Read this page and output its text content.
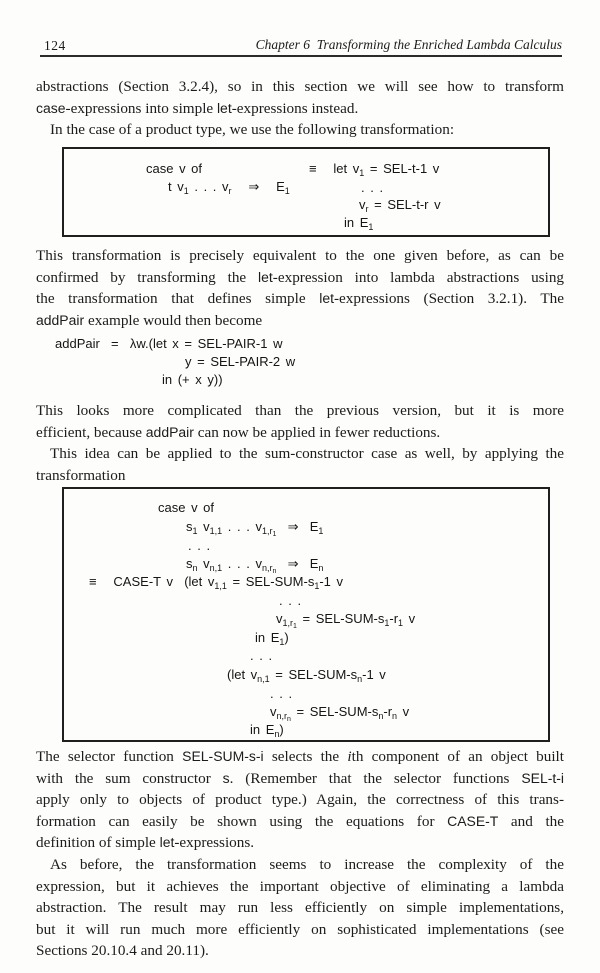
124	Chapter 6  Transforming the Enriched Lambda Calculus
abstractions (Section 3.2.4), so in this section we will see how to transform
case-expressions into simple let-expressions instead.
In the case of a product type, we use the following transformation:
case v of
t $v_1$ . . . $v_r$   ⇒   $E_1$
≡   let $v_1 = SEL-t-1$ v
. . .
$v_r = SEL-t-r$ v
in $E_1$
This transformation is precisely equivalent to the one given before, as can be
confirmed by transforming the let-expression into lambda abstractions using
the transformation that defines simple let-expressions (Section 3.2.1). The
addPair example would then become
addPair  =  λw.(let x = SEL-PAIR-1 w
y = SEL-PAIR-2 w
in (+ x y))
This looks more complicated than the previous version, but it is more
efficient, because addPair can now be applied in fewer reductions.
This idea can be applied to the sum-constructor case as well, by applying the
transformation
case v of
$s_1$ $v_{1,1}$ . . . $v_{1,r_1}$  ⇒  $E_1$
. . .
$s_n$ $v_{n,1}$ . . . $v_{n,r_n}$  ⇒  $E_n$
≡   CASE-T v  (let $v_{1,1} = SEL-SUM-s_1-1$ v
. . .
$v_{1,r_1} = SEL-SUM-s_1-r_1$ v
in $E_1$)
. . .
(let $v_{n,1} = SEL-SUM-s_n-1$ v
. . .
$v_{n,r_n} = SEL-SUM-s_n-r_n$ v
in $E_n$)
The selector function SEL-SUM-s-i selects the ith component of an object built
with the sum constructor s. (Remember that the selector functions SEL-t-i
apply only to objects of product type.) Again, the correctness of this trans-
formation can easily be shown using the equations for CASE-T and the
definition of simple let-expressions.
As before, the transformation seems to increase the complexity of the
expression, but it achieves the important objective of eliminating a lambda
abstraction. The result may run less efficiently on simple implementations,
but it will run much more efficiently on sophisticated implementations (see
Sections 20.10.4 and 20.11).
